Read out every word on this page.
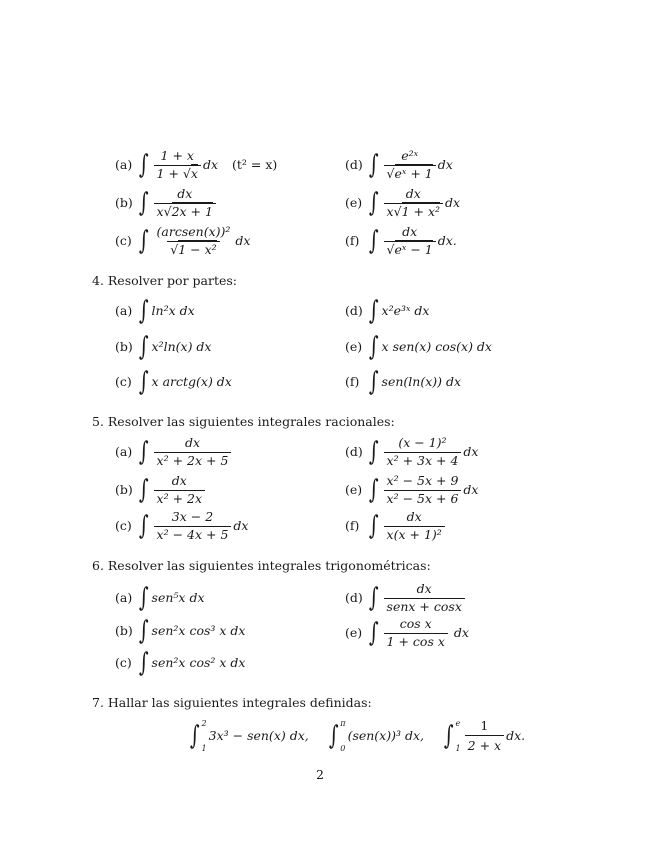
(a) ∫ $\frac{1 + x}{1 + √x}$ dx (t² = x)
(b) ∫ $\frac{dx}{x√2x + 1}$
(c) ∫ $\frac{\text{(arcsen(x))²}}{\text{√1 − x²}}$ dx
(d) ∫ $\frac{\text{e²ˣ}}{\text{√eˣ + 1}}$ dx
(e) ∫ $\frac{dx}{\text{x√1 + x²}}$ dx
(f) ∫ $\frac{dx}{\text{√eˣ − 1}}$ dx.
4. Resolver por partes:
(a) ∫ ln²x dx
(b) ∫ x²ln(x) dx
(c) ∫ x arctg(x) dx
(d) ∫ x²e³ˣ dx
(e) ∫ x sen(x) cos(x) dx
(f) ∫ sen(ln(x)) dx
5. Resolver las siguientes integrales racionales:
(a) ∫ $\frac{dx}{\text{x² + 2x + 5}}$
(b) ∫ $\frac{dx}{\text{x² + 2x}}$
(c) ∫ $\frac{3x - 2}{\text{x² − 4x + 5}}$ dx
(d) ∫ $\frac{\text{(x − 1)²}}{\text{x² + 3x + 4}}$ dx
(e) ∫ $\frac{\text{x² − 5x + 9}}{\text{x² − 5x + 6}}$ dx
(f) ∫ $\frac{dx}{\text{x(x + 1)²}}$
6. Resolver las siguientes integrales trigonométricas:
(a) ∫ sen⁵x dx
(b) ∫ sen²x cos³ x dx
(c) ∫ sen²x cos² x dx
(d) ∫ $\frac{dx}{\text{senx + cosx}}$
(e) ∫ $\frac{\text{cos x}}{\text{1 + cos x}}$ dx
7. Hallar las siguientes integrales definidas:
∫ 2
1
3x³ − sen(x) dx, ∫ π
0
(sen(x))³ dx, ∫ e
$1 \frac{1}{2 + x}$ dx.
2
